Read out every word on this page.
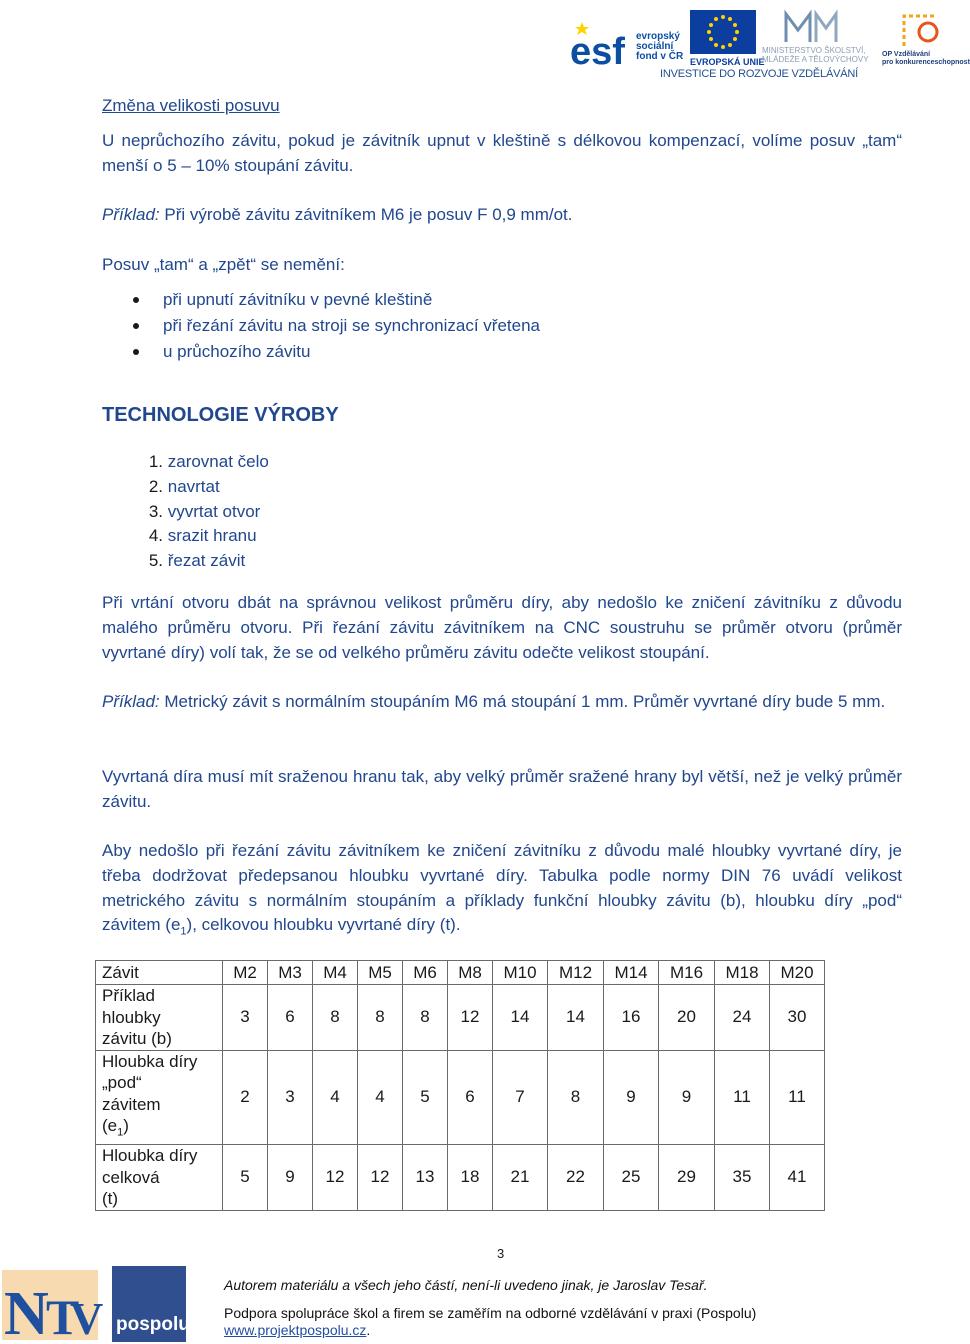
esf evropský
sociální
fond v ČR EVROPSKÁ UNIE
MINISTERSTVO ŠKOLSTVÍ,
MLÁDEŽE A TĚLOVÝCHOVY
OP Vzdělávání
pro konkurenceschopnost
INVESTICE DO ROZVOJE VZDĚLÁVÁNÍ
Změna velikosti posuvu
U neprůchozího závitu, pokud je závitník upnut v kleštině s délkovou kompenzací, volíme posuv „tam“ menší o 5 – 10% stoupání závitu.
Příklad: Při výrobě závitu závitníkem M6 je posuv F 0,9 mm/ot.
Posuv „tam“ a „zpět“ se nemění:
při upnutí závitníku v pevné kleštině
při řezání závitu na stroji se synchronizací vřetena
u průchozího závitu
TECHNOLOGIE VÝROBY
1. zarovnat čelo
2. navrtat
3. vyvrtat otvor
4. srazit hranu
5. řezat závit
Při vrtání otvoru dbát na správnou velikost průměru díry, aby nedošlo ke zničení závitníku z důvodu malého průměru otvoru. Při řezání závitu závitníkem na CNC soustruhu se průměr otvoru (průměr vyvrtané díry) volí tak, že se od velkého průměru závitu odečte velikost stoupání.
Příklad: Metrický závit s normálním stoupáním M6 má stoupání 1 mm. Průměr vyvrtané díry bude 5 mm.
Vyvrtaná díra musí mít sraženou hranu tak, aby velký průměr sražené hrany byl větší, než je velký průměr závitu.
Aby nedošlo při řezání závitu závitníkem ke zničení závitníku z důvodu malé hloubky vyvrtané díry, je třeba dodržovat předepsanou hloubku vyvrtané díry. Tabulka podle normy DIN 76 uvádí velikost metrického závitu s normálním stoupáním a příklady funkční hloubky závitu (b), hloubku díry „pod“ závitem $(e_1)$, celkovou hloubku vyvrtané díry (t).
Závit	M2	M3	M4	M5	M6	M8	M10	M12	M14	M16	M18	M20

Příklad
hloubky
závitu (b)	3	6	8	8	8	12	14	14	16	20	24	30

Hloubka díry
„pod“
závitem
$(e_1)$	2	3	4	4	5	6	7	8	9	9	11	11

Hloubka díry
celková
(t)	5	9	12	12	13	18	21	22	25	29	35	41
3
N
T
V pospolu
Autorem materiálu a všech jeho částí, není-li uvedeno jinak, je Jaroslav Tesař.
Podpora spolupráce škol a firem se zaměřím na odborné vzdělávání v praxi (Pospolu)
www.projektpospolu.cz.
